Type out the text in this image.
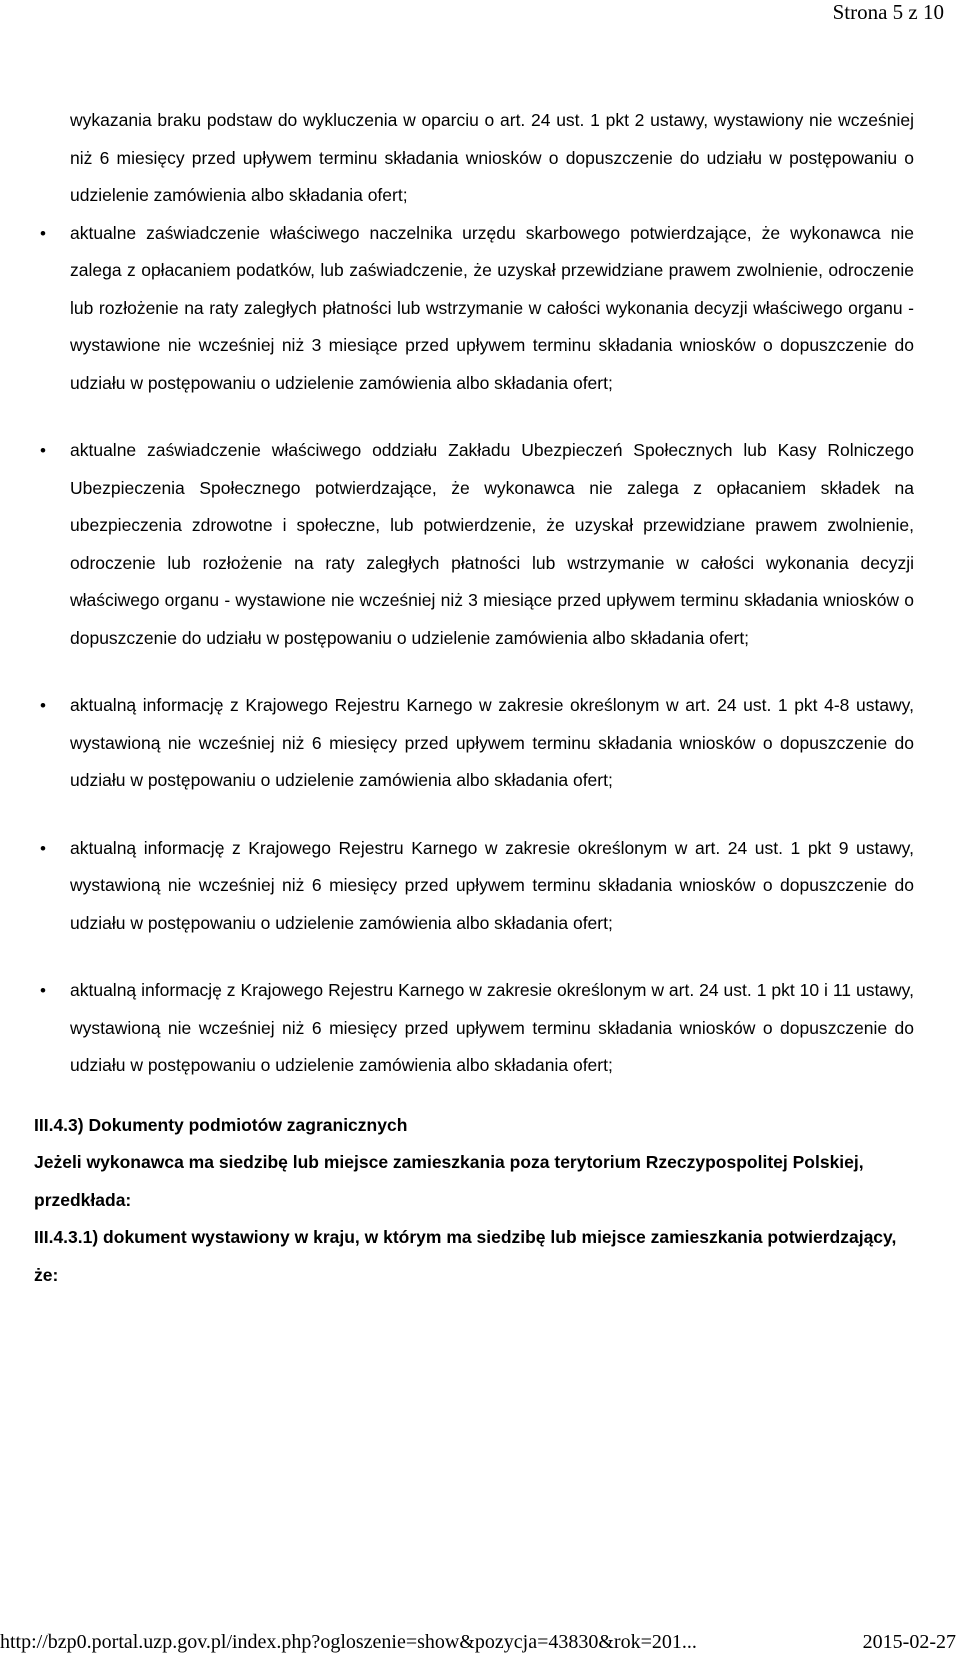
Strona 5 z 10

wykazania braku podstaw do wykluczenia w oparciu o art. 24 ust. 1 pkt 2 ustawy, wystawiony nie wcześniej niż 6 miesięcy przed upływem terminu składania wniosków o dopuszczenie do udziału w postępowaniu o udzielenie zamówienia albo składania ofert;

• aktualne zaświadczenie właściwego naczelnika urzędu skarbowego potwierdzające, że wykonawca nie zalega z opłacaniem podatków, lub zaświadczenie, że uzyskał przewidziane prawem zwolnienie, odroczenie lub rozłożenie na raty zaległych płatności lub wstrzymanie w całości wykonania decyzji właściwego organu - wystawione nie wcześniej niż 3 miesiące przed upływem terminu składania wniosków o dopuszczenie do udziału w postępowaniu o udzielenie zamówienia albo składania ofert;
• aktualne zaświadczenie właściwego oddziału Zakładu Ubezpieczeń Społecznych lub Kasy Rolniczego Ubezpieczenia Społecznego potwierdzające, że wykonawca nie zalega z opłacaniem składek na ubezpieczenia zdrowotne i społeczne, lub potwierdzenie, że uzyskał przewidziane prawem zwolnienie, odroczenie lub rozłożenie na raty zaległych płatności lub wstrzymanie w całości wykonania decyzji właściwego organu - wystawione nie wcześniej niż 3 miesiące przed upływem terminu składania wniosków o dopuszczenie do udziału w postępowaniu o udzielenie zamówienia albo składania ofert;
• aktualną informację z Krajowego Rejestru Karnego w zakresie określonym w art. 24 ust. 1 pkt 4-8 ustawy, wystawioną nie wcześniej niż 6 miesięcy przed upływem terminu składania wniosków o dopuszczenie do udziału w postępowaniu o udzielenie zamówienia albo składania ofert;
• aktualną informację z Krajowego Rejestru Karnego w zakresie określonym w art. 24 ust. 1 pkt 9 ustawy, wystawioną nie wcześniej niż 6 miesięcy przed upływem terminu składania wniosków o dopuszczenie do udziału w postępowaniu o udzielenie zamówienia albo składania ofert;
• aktualną informację z Krajowego Rejestru Karnego w zakresie określonym w art. 24 ust. 1 pkt 10 i 11 ustawy, wystawioną nie wcześniej niż 6 miesięcy przed upływem terminu składania wniosków o dopuszczenie do udziału w postępowaniu o udzielenie zamówienia albo składania ofert;

III.4.3) Dokumenty podmiotów zagranicznych

Jeżeli wykonawca ma siedzibę lub miejsce zamieszkania poza terytorium Rzeczypospolitej Polskiej, przedkłada:

III.4.3.1) dokument wystawiony w kraju, w którym ma siedzibę lub miejsce zamieszkania potwierdzający, że:

http://bzp0.portal.uzp.gov.pl/index.php?ogloszenie=show&pozycja=43830&rok=201...	2015-02-27
